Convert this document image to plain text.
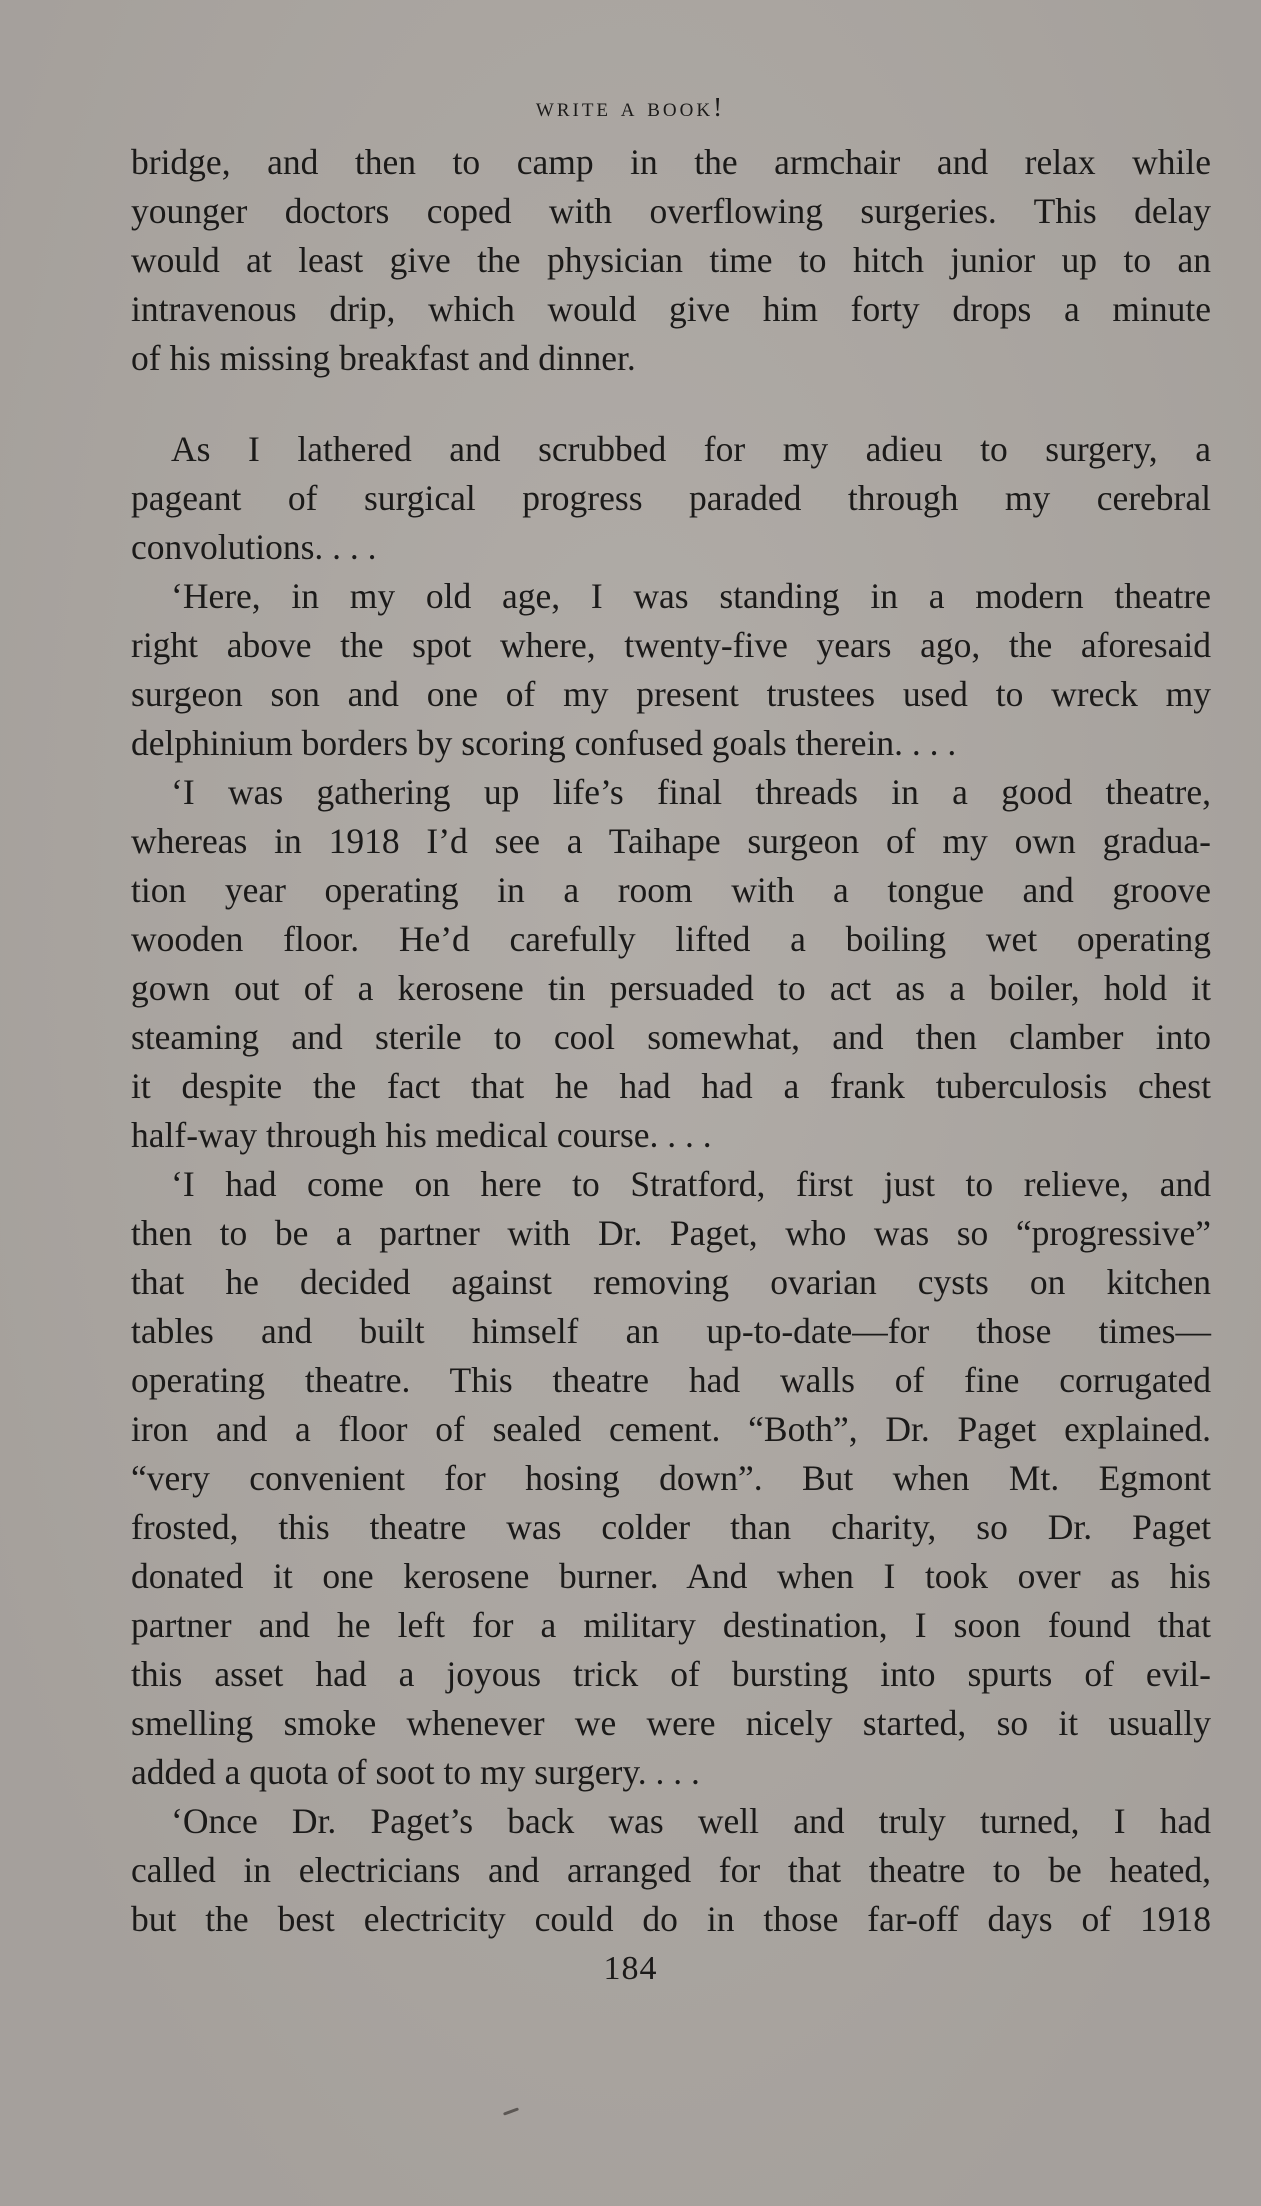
write a book!
bridge, and then to camp in the armchair and relax while
younger doctors coped with overflowing surgeries. This delay
would at least give the physician time to hitch junior up to an
intravenous drip, which would give him forty drops a minute
of his missing breakfast and dinner.
As I lathered and scrubbed for my adieu to surgery, a
pageant of surgical progress paraded through my cerebral
convolutions. . . .
‘Here, in my old age, I was standing in a modern theatre
right above the spot where, twenty-five years ago, the aforesaid
surgeon son and one of my present trustees used to wreck my
delphinium borders by scoring confused goals therein. . . .
‘I was gathering up life’s final threads in a good theatre,
whereas in 1918 I’d see a Taihape surgeon of my own gradua-
tion year operating in a room with a tongue and groove
wooden floor. He’d carefully lifted a boiling wet operating
gown out of a kerosene tin persuaded to act as a boiler, hold it
steaming and sterile to cool somewhat, and then clamber into
it despite the fact that he had had a frank tuberculosis chest
half-way through his medical course. . . .
‘I had come on here to Stratford, first just to relieve, and
then to be a partner with Dr. Paget, who was so “progressive”
that he decided against removing ovarian cysts on kitchen
tables and built himself an up-to-date—for those times—
operating theatre. This theatre had walls of fine corrugated
iron and a floor of sealed cement. “Both”, Dr. Paget explained.
“very convenient for hosing down”. But when Mt. Egmont
frosted, this theatre was colder than charity, so Dr. Paget
donated it one kerosene burner. And when I took over as his
partner and he left for a military destination, I soon found that
this asset had a joyous trick of bursting into spurts of evil-
smelling smoke whenever we were nicely started, so it usually
added a quota of soot to my surgery. . . .
‘Once Dr. Paget’s back was well and truly turned, I had
called in electricians and arranged for that theatre to be heated,
but the best electricity could do in those far-off days of 1918
184
